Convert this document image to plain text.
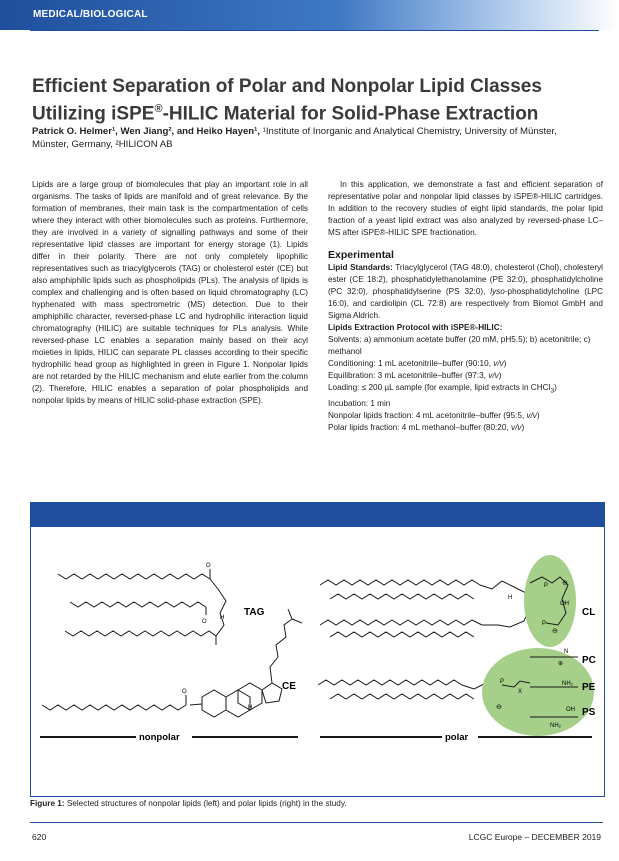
MEDICAL/BIOLOGICAL
Efficient Separation of Polar and Nonpolar Lipid Classes
Utilizing iSPE®-HILIC Material for Solid-Phase Extraction
Patrick O. Helmer¹, Wen Jiang², and Heiko Hayen¹, ¹Institute of Inorganic and Analytical Chemistry, University of Münster, Münster, Germany, ²HILICON AB

Lipids are a large group of biomolecules that play an important role in all organisms. The tasks of lipids are manifold and of great relevance. By the formation of membranes, their main task is the compartmentation of cells where they interact with other biomolecules such as proteins. Furthermore, they are involved in a variety of signalling pathways and some of their representative lipid classes are important for energy storage (1). Lipids differ in their polarity. There are not only completely lipophilic representatives such as triacylglycerols (TAG) or cholesterol ester (CE) but also amphiphilic lipids such as phospholipids (PLs). The analysis of lipids is complex and challenging and is often based on liquid chromatography (LC) hyphenated with mass spectrometric (MS) detection. Due to their amphiphilic character, reversed-phase LC and hydrophilic interaction liquid chromatography (HILIC) are suitable techniques for PLs analysis. While reversed-phase LC enables a separation mainly based on their acyl moieties in lipids, HILIC can separate PL classes according to their specific hydrophilic head group as highlighted in green in Figure 1. Nonpolar lipids are not retarded by the HILIC mechanism and elute earlier from the column (2). Therefore, HILIC enables a separation of polar phospholipids and nonpolar lipids by means of HILIC solid-phase extraction (SPE).

In this application, we demonstrate a fast and efficient separation of representative polar and nonpolar lipid classes by iSPE®-HILIC cartridges. In addition to the recovery studies of eight lipid standards, the polar lipid fraction of a yeast lipid extract was also analyzed by reversed-phase LC–MS after iSPE®-HILIC SPE fractionation.

Experimental

Lipid Standards: Triacylglycerol (TAG 48:0), cholesterol (Chol), cholesteryl ester (CE 18:2), phosphatidylethanolamine (PE 32:0), phosphatidylcholine (PC 32:0), phosphatidylserine (PS 32:0), lyso-phosphatidylcholine (LPC 16:0), and cardiolipin (CL 72:8) are respectively from Biomol GmbH and Sigma Aldrich.

Lipids Extraction Protocol with iSPE®-HILIC:
Solvents: a) ammonium acetate buffer (20 mM, pH5.5); b) acetonitrile; c) methanol
Conditioning: 1 mL acetonitrile–buffer (90:10, v/v)
Equilibration: 3 mL acetonitrile–buffer (97:3, v/v)
Loading: ≤ 200 µL sample (for example, lipid extracts in CHCl$_3$)
Incubation: 1 min
Nonpolar lipids fraction: 4 mL acetonitrile–buffer (95:5, v/v)
Polar lipids fraction: 4 mL methanol–buffer (80:20, v/v)
TAG
CE
CL
PC
PE
PS
nonpolar	polar
O
O
H
O
H
P
P
OH
H
⊖
⊖
P
X
⊖
N
⊕
NH₂
OH
NH₂
Figure 1: Selected structures of nonpolar lipids (left) and polar lipids (right) in the study.
620	LCGC Europe – DECEMBER 2019
